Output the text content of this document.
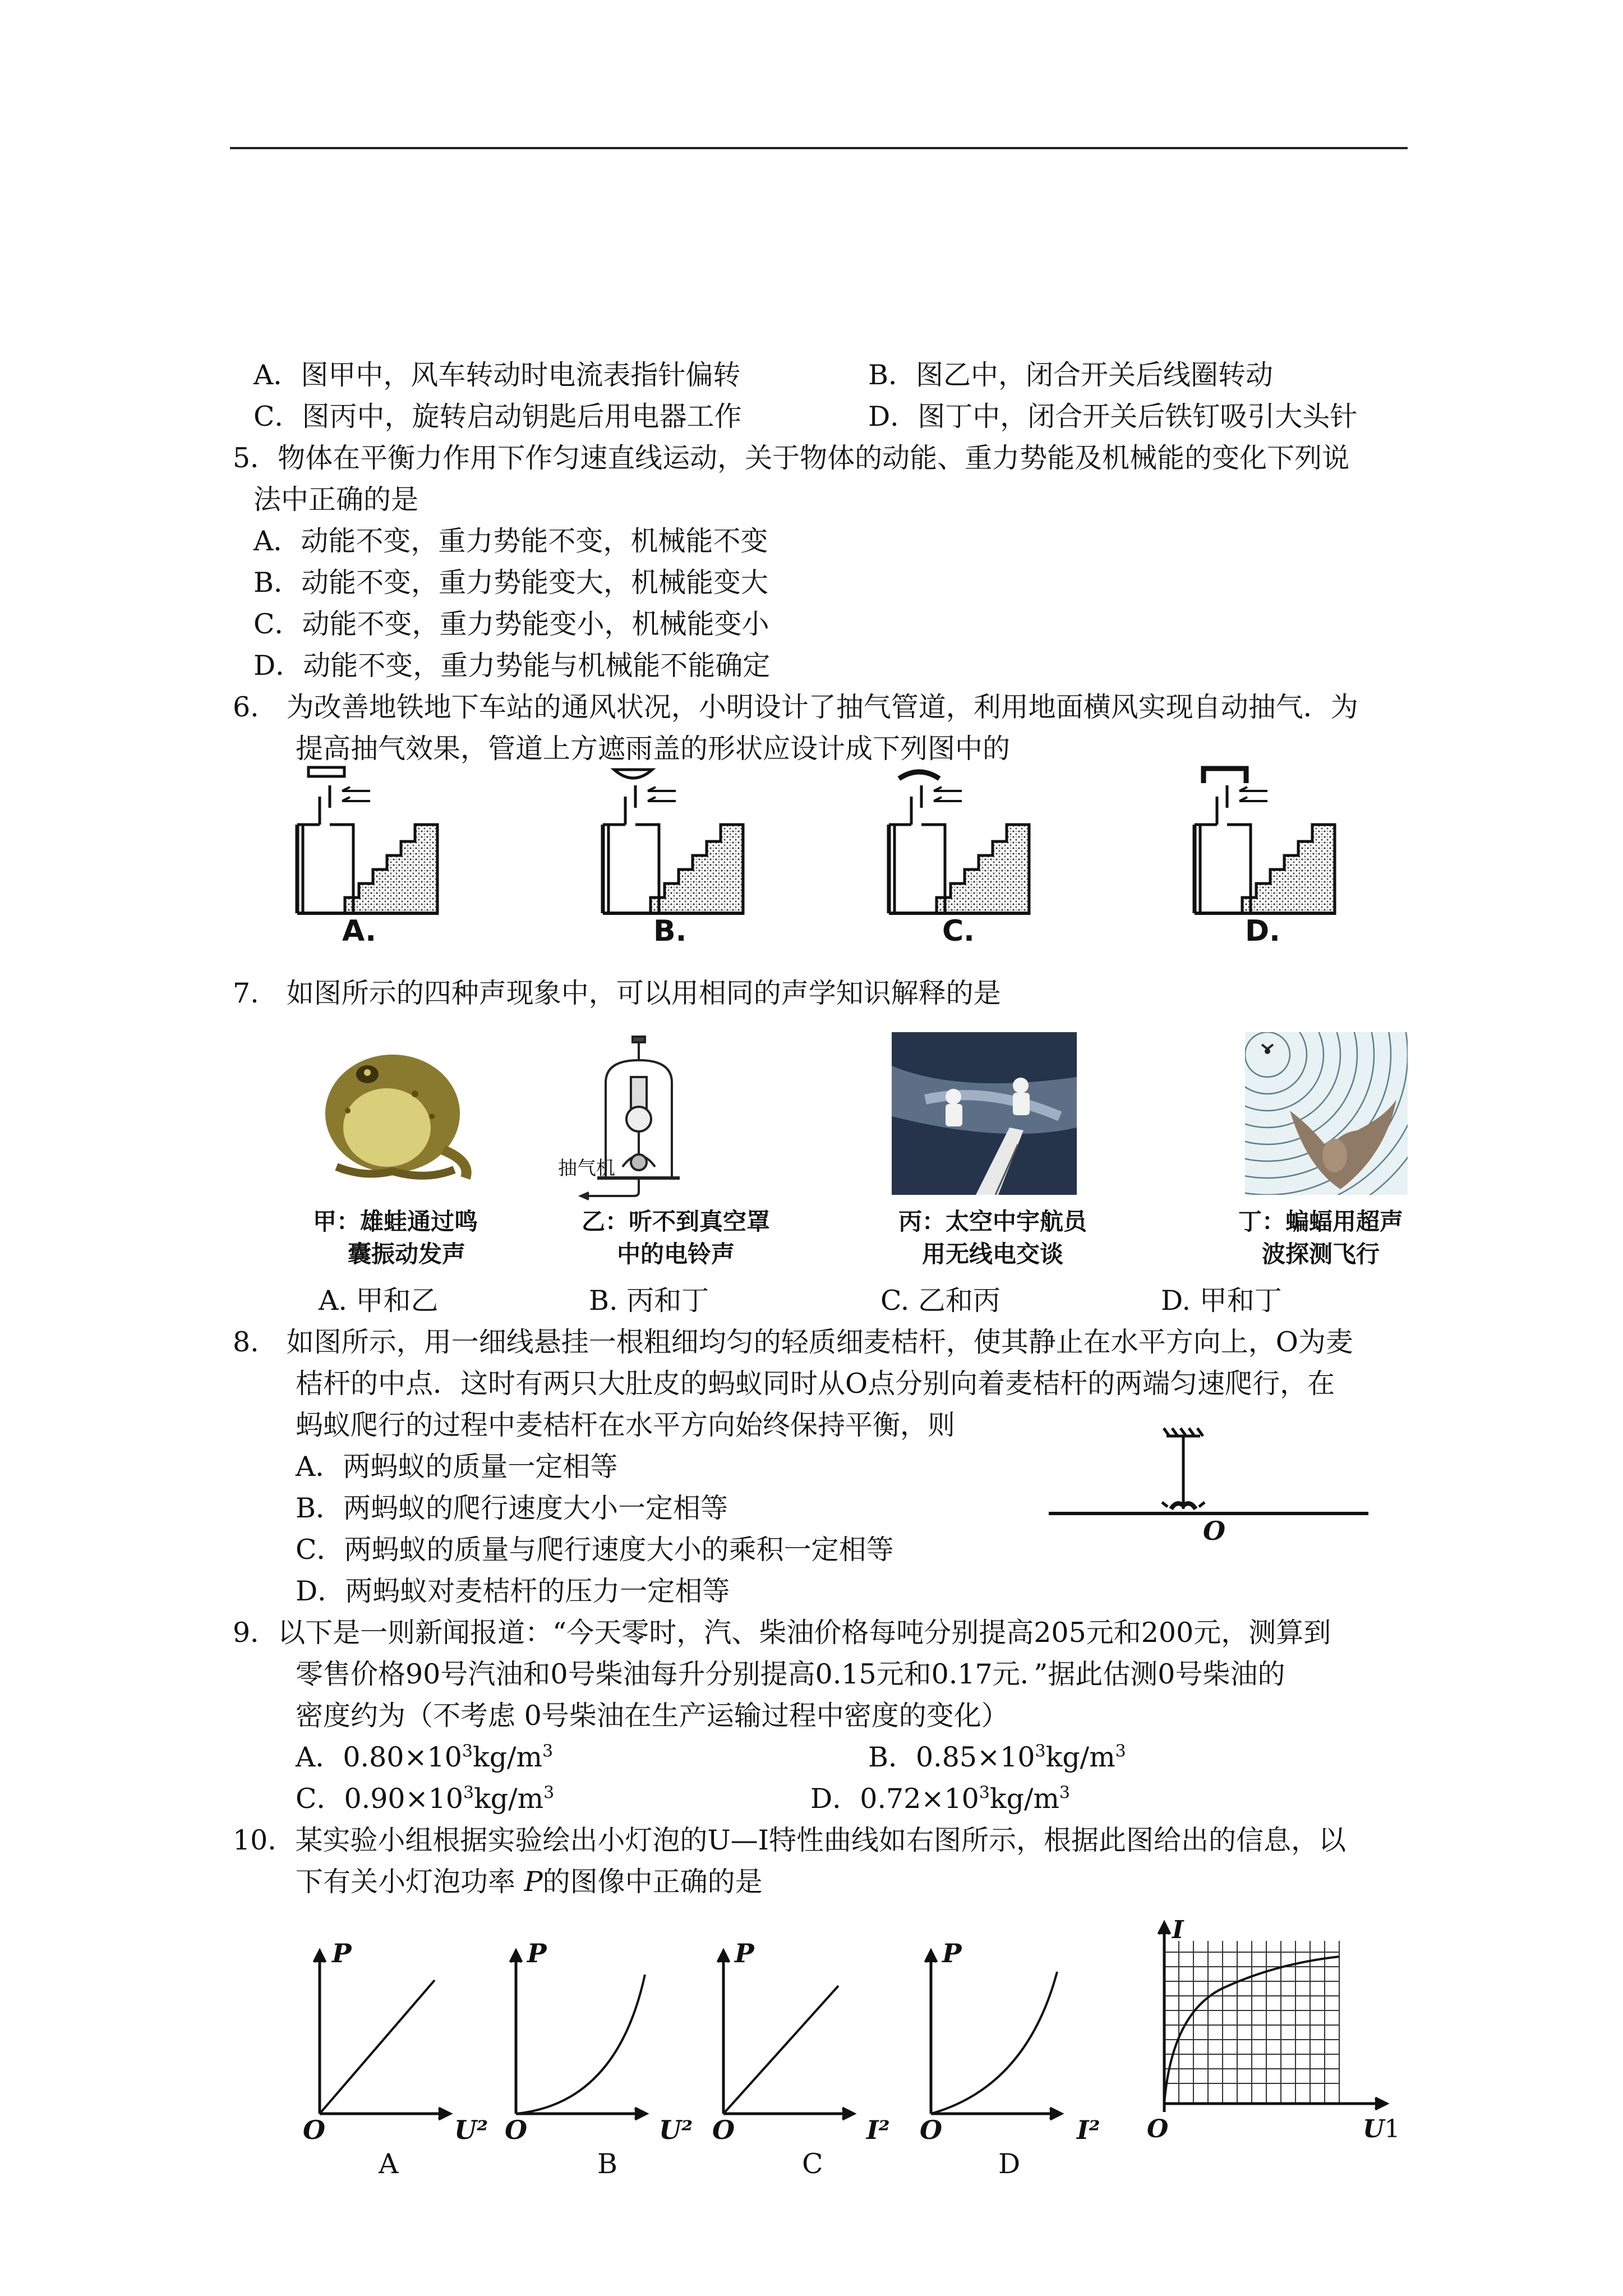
A．图甲中，风车转动时电流表指针偏转	B．图乙中，闭合开关后线圈转动
C．图丙中，旋转启动钥匙后用电器工作	D．图丁中，闭合开关后铁钉吸引大头针
5．物体在平衡力作用下作匀速直线运动，关于物体的动能、重力势能及机械能的变化下列说
法中正确的是
A．动能不变，重力势能不变，机械能不变
B．动能不变，重力势能变大，机械能变大
C．动能不变，重力势能变小，机械能变小
D．动能不变，重力势能与机械能不能确定
6.　为改善地铁地下车站的通风状况，小明设计了抽气管道，利用地面横风实现自动抽气．为
提高抽气效果，管道上方遮雨盖的形状应设计成下列图中的
A.	B.	C.	D.
7.　如图所示的四种声现象中，可以用相同的声学知识解释的是
抽气机
甲：雄蛙通过鸣
囊振动发声
乙：听不到真空罩
中的电铃声
丙：太空中宇航员
用无线电交谈
丁：蝙蝠用超声
波探测飞行
A. 甲和乙	B. 丙和丁	C. 乙和丙	D. 甲和丁
8.　如图所示，用一细线悬挂一根粗细均匀的轻质细麦桔杆，使其静止在水平方向上，O为麦
桔杆的中点．这时有两只大肚皮的蚂蚁同时从O点分别向着麦桔杆的两端匀速爬行，在
蚂蚁爬行的过程中麦桔杆在水平方向始终保持平衡，则
A．两蚂蚁的质量一定相等
B．两蚂蚁的爬行速度大小一定相等
C．两蚂蚁的质量与爬行速度大小的乘积一定相等
D．两蚂蚁对麦桔杆的压力一定相等
O
9．以下是一则新闻报道：“今天零时，汽、柴油价格每吨分别提高205元和200元，测算到
零售价格90号汽油和0号柴油每升分别提高0.15元和0.17元．”据此估测0号柴油的
密度约为（不考虑 0号柴油在生产运输过程中密度的变化）
A．$0.80\times 10^3kg/m^3$	B．$0.85\times 10^3kg/m^3$
C．$0.90\times 10^3kg/m^3$	D．$0.72\times 10^3kg/m^3$
10．某实验小组根据实验绘出小灯泡的U—I特性曲线如右图所示，根据此图给出的信息，以
下有关小灯泡功率 P的图像中正确的是
P
O	U²
A
P
O	U²
B
P
O	I²
C
P
O	I²
D
I
O	U1
